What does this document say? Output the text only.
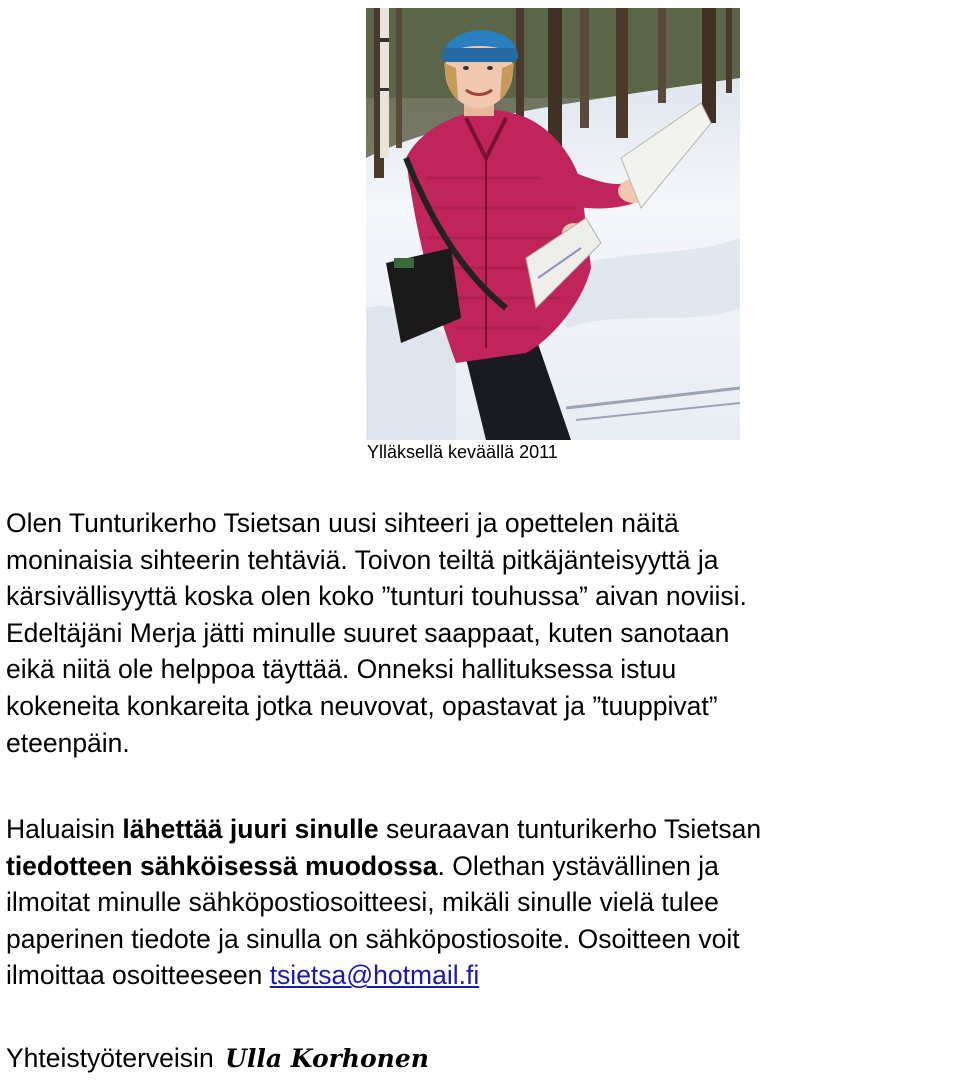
Ylläksellä keväällä 2011

Olen Tunturikerho Tsietsan uusi sihteeri ja opettelen näitä
moninaisia sihteerin tehtäviä. Toivon teiltä pitkäjänteisyyttä ja
kärsivällisyyttä koska olen koko ”tunturi touhussa” aivan noviisi.
Edeltäjäni Merja jätti minulle suuret saappaat, kuten sanotaan
eikä niitä ole helppoa täyttää. Onneksi hallituksessa istuu
kokeneita konkareita jotka neuvovat, opastavat ja ”tuuppivat”
eteenpäin.

Haluaisin lähettää juuri sinulle seuraavan tunturikerho Tsietsan
tiedotteen sähköisessä muodossa. Olethan ystävällinen ja
ilmoitat minulle sähköpostiosoitteesi, mikäli sinulle vielä tulee
paperinen tiedote ja sinulla on sähköpostiosoite. Osoitteen voit
ilmoittaa osoitteeseen tsietsa@hotmail.fi

Yhteistyöterveisin Ulla Korhonen
